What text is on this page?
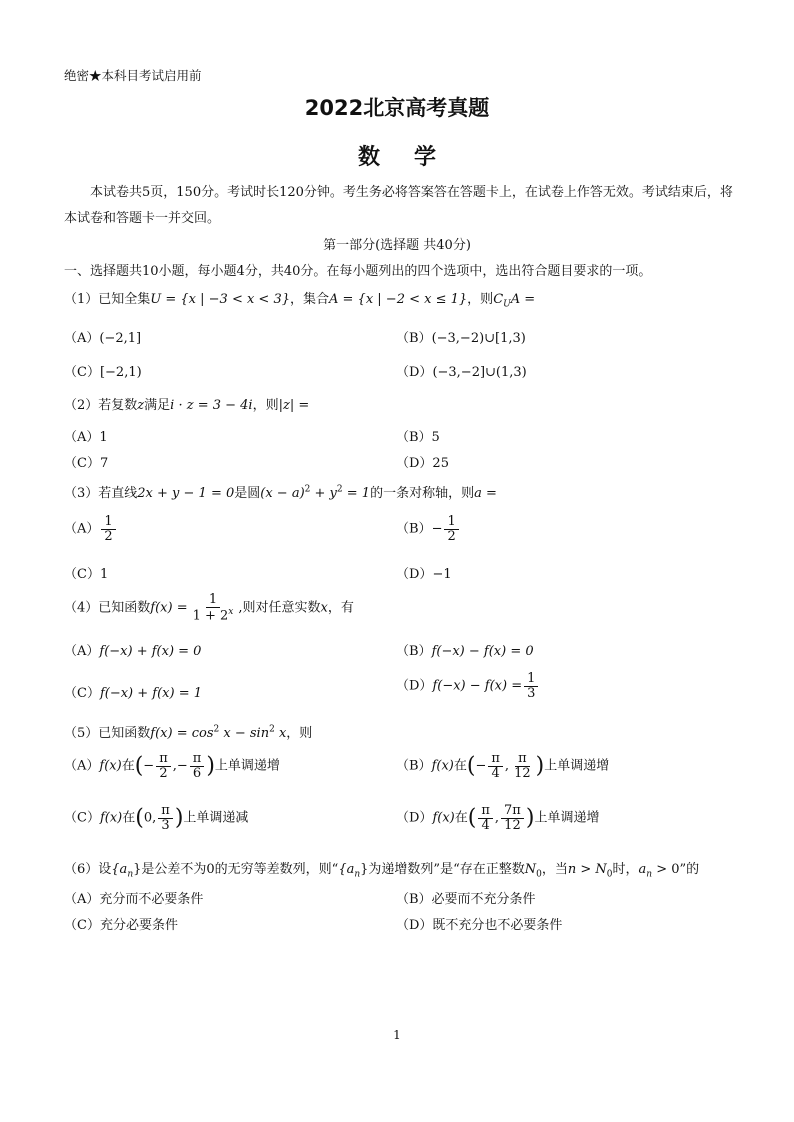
绝密★本科目考试启用前
2022北京高考真题
数学
本试卷共5页，150分。考试时长120分钟。考生务必将答案答在答题卡上，在试卷上作答无效。考试结束后，将本试卷和答题卡一并交回。
第一部分(选择题 共40分)
一、选择题共10小题，每小题4分，共40分。在每小题列出的四个选项中，选出符合题目要求的一项。
（1）已知全集U = {x | −3 < x < 3}，集合A = {x | −2 < x ≤ 1}，则$C_UA$ =
（A）(−2,1]	（B）(−3,−2)∪[1,3)
（C）[−2,1)	（D）(−3,−2]∪(1,3)
（2）若复数z满足i · z = 3 − 4i，则|z| =
（A）1	（B）5
（C）7	（D）25
（3）若直线2x + y − 1 = 0是圆$(x - a)^2 + y^2 = 1$的一条对称轴，则a =
$(A) \frac{1}{2}$	$(B)- \frac{1}{2}$
（C）1	（D）−1
（4）已知函数$f(x) = \frac{1}{1 + 2^x}$ ,则对任意实数x，有
（A）f(−x) + f(x) = 0	（B）f(−x) − f(x) = 0
（C）f(−x) + f(x) = 1	$(D)f(-x) - f(x) = \frac{1}{3}$
（5）已知函数$f(x) = \cos^2 x - \sin^2 x$，则
（A）f(x)在(− $\frac{\pi}{2}$ ,− $\frac{\pi}{6}$ )上单调递增	（B）f(x)在(− $\frac{\pi}{4}$ , $\frac{\pi}{12}$ )上单调递增
（C）f(x)在(0, $\frac{\pi}{3}$ )上单调递减	（D）f(x)在( $\frac{\pi}{4}$ , $\frac{7\pi}{12}$ )上单调递增
（6）设$\{a_n\}$是公差不为0的无穷等差数列，则“$\{a_n\}$为递增数列”是“存在正整数$N_0$，当$n > N_0$时，$a_n > 0$”的
（A）充分而不必要条件	（B）必要而不充分条件
（C）充分必要条件	（D）既不充分也不必要条件
1
